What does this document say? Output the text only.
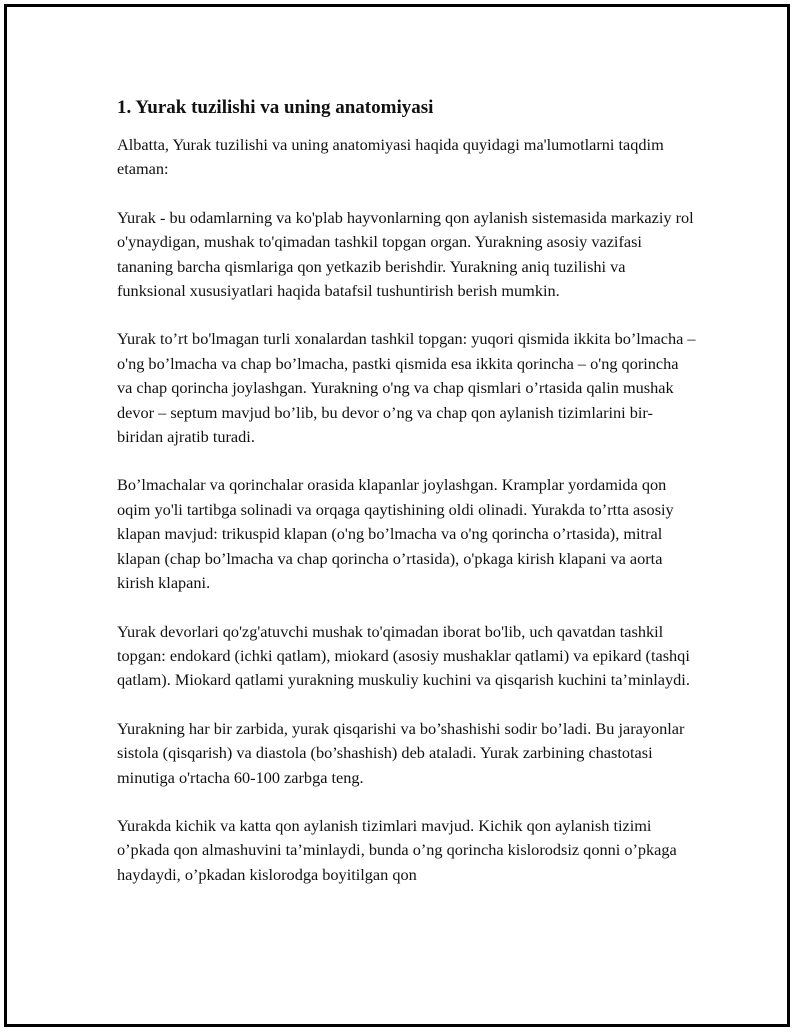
1. Yurak tuzilishi va uning anatomiyasi

Albatta, Yurak tuzilishi va uning anatomiyasi haqida quyidagi ma'lumotlarni taqdim etaman:

Yurak - bu odamlarning va ko'plab hayvonlarning qon aylanish sistemasida markaziy rol o'ynaydigan, mushak to'qimadan tashkil topgan organ. Yurakning asosiy vazifasi tananing barcha qismlariga qon yetkazib berishdir. Yurakning aniq tuzilishi va funksional xususiyatlari haqida batafsil tushuntirish berish mumkin.

Yurak to’rt bo'lmagan turli xonalardan tashkil topgan: yuqori qismida ikkita bo’lmacha – o'ng bo’lmacha va chap bo’lmacha, pastki qismida esa ikkita qorincha – o'ng qorincha va chap qorincha joylashgan. Yurakning o'ng va chap qismlari o’rtasida qalin mushak devor – septum mavjud bo’lib, bu devor o’ng va chap qon aylanish tizimlarini bir-biridan ajratib turadi.

Bo’lmachalar va qorinchalar orasida klapanlar joylashgan. Kramplar yordamida qon oqim yo'li tartibga solinadi va orqaga qaytishining oldi olinadi. Yurakda to’rtta asosiy klapan mavjud: trikuspid klapan (o'ng bo’lmacha va o'ng qorincha o’rtasida), mitral klapan (chap bo’lmacha va chap qorincha o’rtasida), o'pkaga kirish klapani va aorta kirish klapani.

Yurak devorlari qo'zg'atuvchi mushak to'qimadan iborat bo'lib, uch qavatdan tashkil topgan: endokard (ichki qatlam), miokard (asosiy mushaklar qatlami) va epikard (tashqi qatlam). Miokard qatlami yurakning muskuliy kuchini va qisqarish kuchini ta’minlaydi.

Yurakning har bir zarbida, yurak qisqarishi va bo’shashishi sodir bo’ladi. Bu jarayonlar sistola (qisqarish) va diastola (bo’shashish) deb ataladi. Yurak zarbining chastotasi minutiga o'rtacha 60-100 zarbga teng.

Yurakda kichik va katta qon aylanish tizimlari mavjud. Kichik qon aylanish tizimi o’pkada qon almashuvini ta’minlaydi, bunda o’ng qorincha kislorodsiz qonni o’pkaga haydaydi, o’pkadan kislorodga boyitilgan qon
